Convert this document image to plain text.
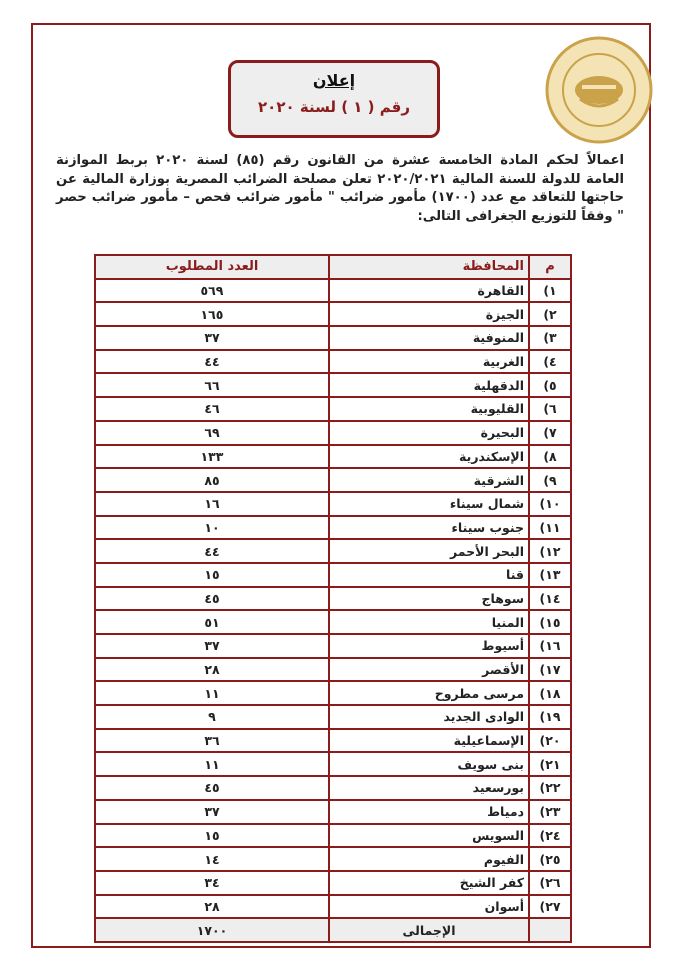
إعلان
رقم ( ١ ) لسنة ٢٠٢٠
اعمالاً لحكم المادة الخامسة عشرة من القانون رقم (٨٥) لسنة ٢٠٢٠ بربط الموازنة العامة للدولة للسنة المالية ٢٠٢٠/٢٠٢١ تعلن مصلحة الضرائب المصرية بوزارة المالية عن حاجتها للتعاقد مع عدد (١٧٠٠) مأمور ضرائب " مأمور ضرائب فحص – مأمور ضرائب حصر " وفقاً للتوزيع الجغرافى التالى:
م	المحافظة	العدد المطلوب
١)	القاهرة	٥٦٩
٢)	الجيزة	١٦٥
٣)	المنوفية	٣٧
٤)	الغربية	٤٤
٥)	الدقهلية	٦٦
٦)	القليوبية	٤٦
٧)	البحيرة	٦٩
٨)	الإسكندرية	١٣٣
٩)	الشرقية	٨٥
١٠)	شمال سيناء	١٦
١١)	جنوب سيناء	١٠
١٢)	البحر الأحمر	٤٤
١٣)	قنا	١٥
١٤)	سوهاج	٤٥
١٥)	المنيا	٥١
١٦)	أسيوط	٣٧
١٧)	الأقصر	٢٨
١٨)	مرسى مطروح	١١
١٩)	الوادى الجديد	٩
٢٠)	الإسماعيلية	٣٦
٢١)	بنى سويف	١١
٢٢)	بورسعيد	٤٥
٢٣)	دمياط	٣٧
٢٤)	السويس	١٥
٢٥)	الفيوم	١٤
٢٦)	كفر الشيخ	٣٤
٢٧)	أسوان	٢٨
	الإجمالى	١٧٠٠
